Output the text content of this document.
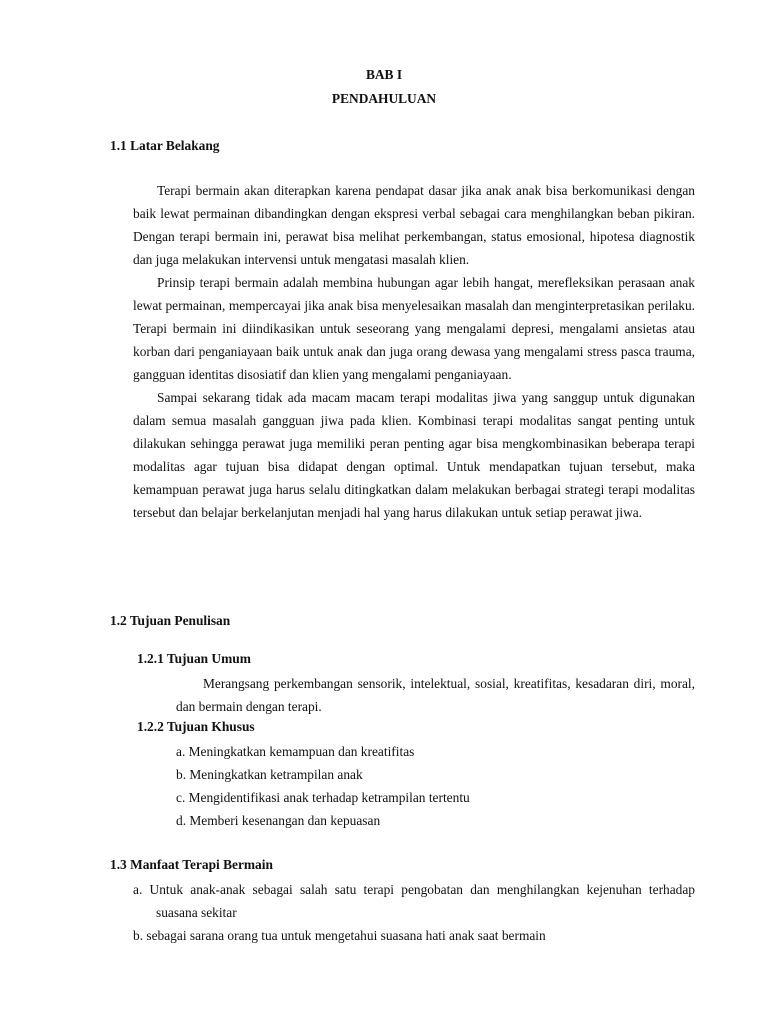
BAB I
PENDAHULUAN
1.1 Latar Belakang

Terapi bermain akan diterapkan karena pendapat dasar jika anak anak bisa berkomunikasi dengan baik lewat permainan dibandingkan dengan ekspresi verbal sebagai cara menghilangkan beban pikiran. Dengan terapi bermain ini, perawat bisa melihat perkembangan, status emosional, hipotesa diagnostik dan juga melakukan intervensi untuk mengatasi masalah klien.

Prinsip terapi bermain adalah membina hubungan agar lebih hangat, merefleksikan perasaan anak lewat permainan, mempercayai jika anak bisa menyelesaikan masalah dan menginterpretasikan perilaku. Terapi bermain ini diindikasikan untuk seseorang yang mengalami depresi, mengalami ansietas atau korban dari penganiayaan baik untuk anak dan juga orang dewasa yang mengalami stress pasca trauma, gangguan identitas disosiatif dan klien yang mengalami penganiayaan.

Sampai sekarang tidak ada macam macam terapi modalitas jiwa yang sanggup untuk digunakan dalam semua masalah gangguan jiwa pada klien. Kombinasi terapi modalitas sangat penting untuk dilakukan sehingga perawat juga memiliki peran penting agar bisa mengkombinasikan beberapa terapi modalitas agar tujuan bisa didapat dengan optimal. Untuk mendapatkan tujuan tersebut, maka kemampuan perawat juga harus selalu ditingkatkan dalam melakukan berbagai strategi terapi modalitas tersebut dan belajar berkelanjutan menjadi hal yang harus dilakukan untuk setiap perawat jiwa.

1.2 Tujuan Penulisan
1.2.1 Tujuan Umum

Merangsang perkembangan sensorik, intelektual, sosial, kreatifitas, kesadaran diri, moral, dan bermain dengan terapi.

1.2.2 Tujuan Khusus
a. Meningkatkan kemampuan dan kreatifitas
b. Meningkatkan ketrampilan anak
c. Mengidentifikasi anak terhadap ketrampilan tertentu
d. Memberi kesenangan dan kepuasan
1.3 Manfaat Terapi Bermain
a. Untuk anak-anak sebagai salah satu terapi pengobatan dan menghilangkan kejenuhan terhadap suasana sekitar
b. sebagai sarana orang tua untuk mengetahui suasana hati anak saat bermain
